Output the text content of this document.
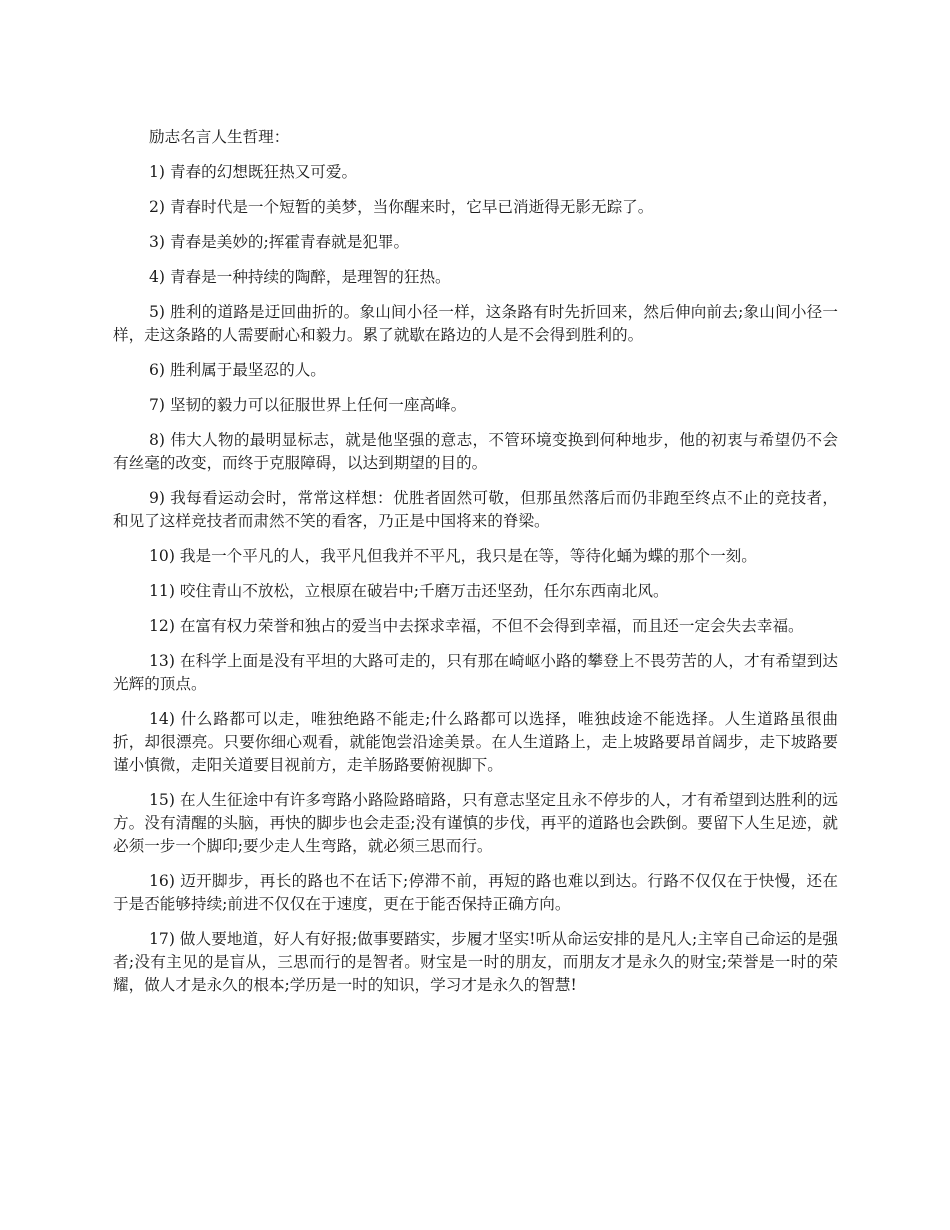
励志名言人生哲理：

1) 青春的幻想既狂热又可爱。

2) 青春时代是一个短暂的美梦，当你醒来时，它早已消逝得无影无踪了。

3) 青春是美妙的;挥霍青春就是犯罪。

4) 青春是一种持续的陶醉，是理智的狂热。

5) 胜利的道路是迂回曲折的。象山间小径一样，这条路有时先折回来，然后伸向前去;象山间小径一样，走这条路的人需要耐心和毅力。累了就歇在路边的人是不会得到胜利的。

6) 胜利属于最坚忍的人。

7) 坚韧的毅力可以征服世界上任何一座高峰。

8) 伟大人物的最明显标志，就是他坚强的意志，不管环境变换到何种地步，他的初衷与希望仍不会有丝毫的改变，而终于克服障碍，以达到期望的目的。

9) 我每看运动会时，常常这样想：优胜者固然可敬，但那虽然落后而仍非跑至终点不止的竞技者，和见了这样竞技者而肃然不笑的看客，乃正是中国将来的脊梁。

10) 我是一个平凡的人，我平凡但我并不平凡，我只是在等，等待化蛹为蝶的那个一刻。

11) 咬住青山不放松，立根原在破岩中;千磨万击还坚劲，任尔东西南北风。

12) 在富有权力荣誉和独占的爱当中去探求幸福，不但不会得到幸福，而且还一定会失去幸福。

13) 在科学上面是没有平坦的大路可走的，只有那在崎岖小路的攀登上不畏劳苦的人，才有希望到达光辉的顶点。

14) 什么路都可以走，唯独绝路不能走;什么路都可以选择，唯独歧途不能选择。人生道路虽很曲折，却很漂亮。只要你细心观看，就能饱尝沿途美景。在人生道路上，走上坡路要昂首阔步，走下坡路要谨小慎微，走阳关道要目视前方，走羊肠路要俯视脚下。

15) 在人生征途中有许多弯路小路险路暗路，只有意志坚定且永不停步的人，才有希望到达胜利的远方。没有清醒的头脑，再快的脚步也会走歪;没有谨慎的步伐，再平的道路也会跌倒。要留下人生足迹，就必须一步一个脚印;要少走人生弯路，就必须三思而行。

16) 迈开脚步，再长的路也不在话下;停滞不前，再短的路也难以到达。行路不仅仅在于快慢，还在于是否能够持续;前进不仅仅在于速度，更在于能否保持正确方向。

17) 做人要地道，好人有好报;做事要踏实，步履才坚实!听从命运安排的是凡人;主宰自己命运的是强者;没有主见的是盲从，三思而行的是智者。财宝是一时的朋友，而朋友才是永久的财宝;荣誉是一时的荣耀，做人才是永久的根本;学历是一时的知识，学习才是永久的智慧!
